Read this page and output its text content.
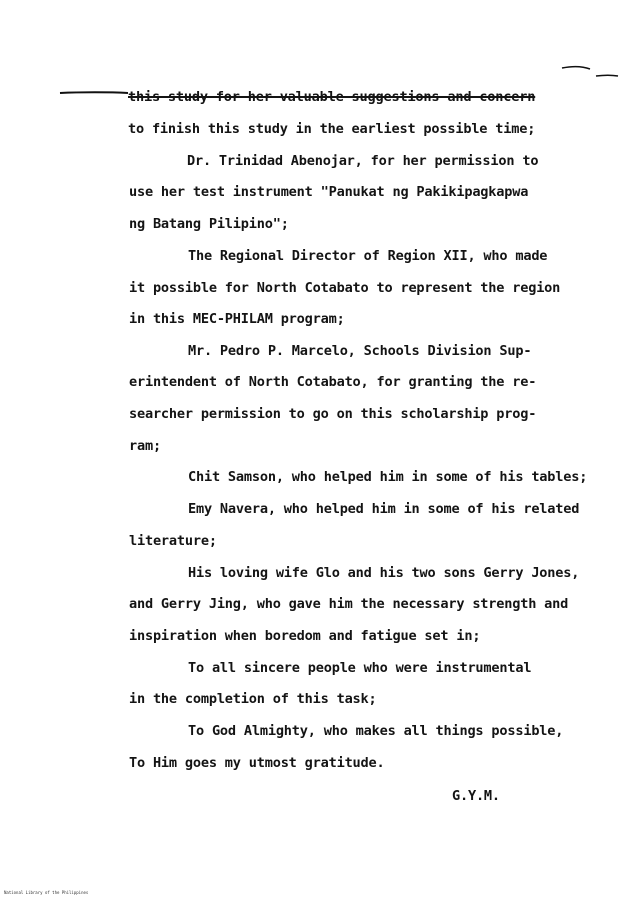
this study for her valuable suggestions and concern
to finish this study in the earliest possible time;
Dr. Trinidad Abenojar, for her permission to
use her test instrument "Panukat ng Pakikipagkapwa
ng Batang Pilipino";
The Regional Director of Region XII, who made
it possible for North Cotabato to represent the region
in this MEC-PHILAM program;
Mr. Pedro P. Marcelo, Schools Division Sup-
erintendent of North Cotabato, for granting the re-
searcher permission to go on this scholarship prog-
ram;
Chit Samson, who helped him in some of his tables;
Emy Navera, who helped him in some of his related
literature;
His loving wife Glo and his two sons Gerry Jones,
and Gerry Jing, who gave him the necessary strength and
inspiration when boredom and fatigue set in;
To all sincere people who were instrumental
in the completion of this task;
To God Almighty, who makes all things possible,
To Him goes my utmost gratitude.
G.Y.M.
National Library of the Philippines
